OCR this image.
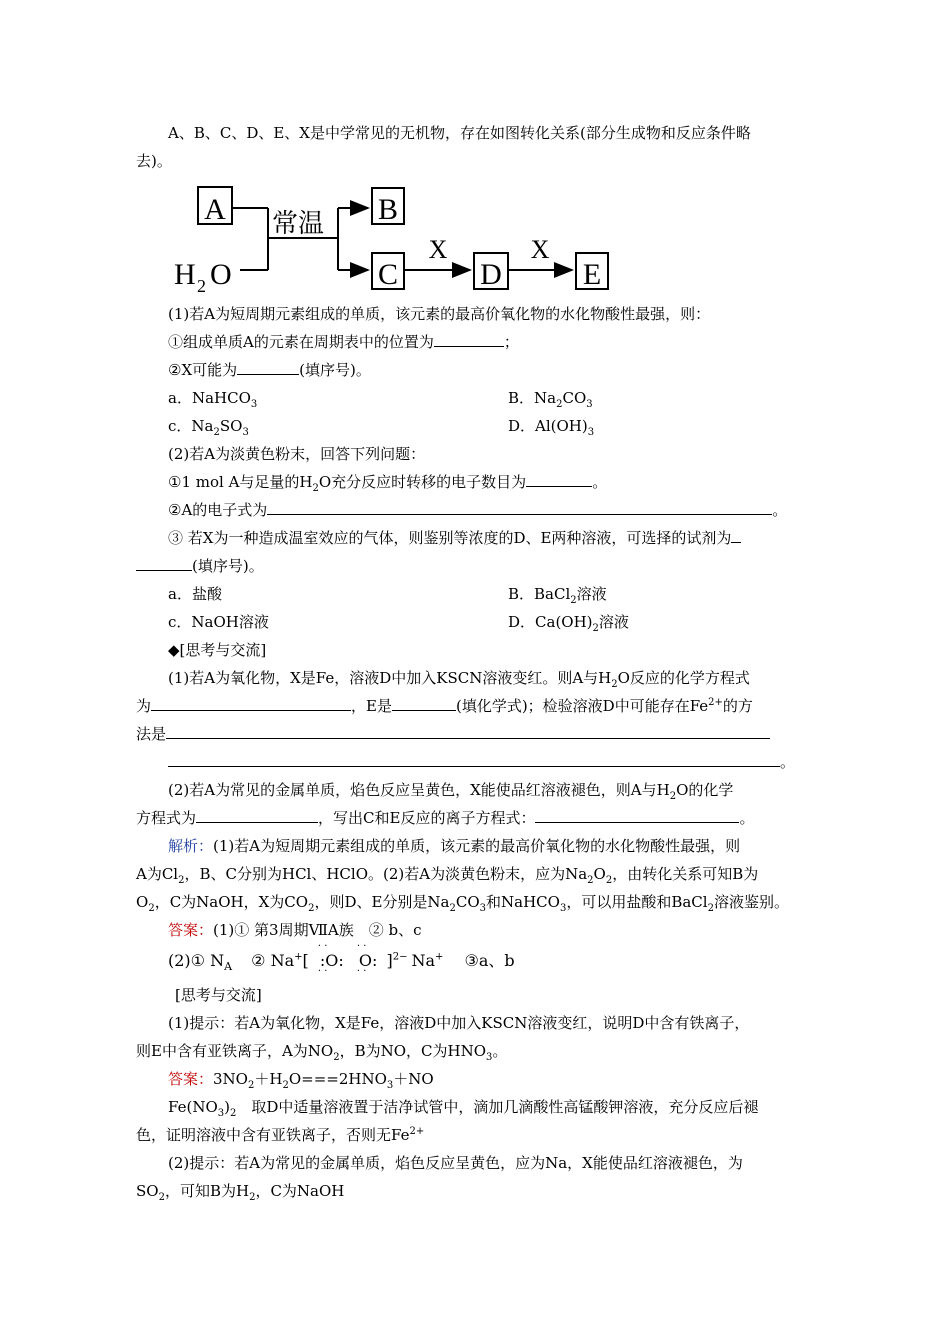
A、B、C、D、E、X是中学常见的无机物，存在如图转化关系(部分生成物和反应条件略
去)。
A
H 2 O
常温 B
C
X
D
X
E
(1)若A为短周期元素组成的单质，该元素的最高价氧化物的水化物酸性最强，则：
①组成单质A的元素在周期表中的位置为	；
②X可能为	(填序号)。
a．NaHCO$_3$	B．$Na_2CO_3$
c．$Na_2SO_3$	D．$Al(OH)_3$
(2)若A为淡黄色粉末，回答下列问题：
①1 mol A与足量的$H_2O$充分反应时转移的电子数目为	。
②A的电子式为	。
③ 若X为一种造成温室效应的气体，则鉴别等浓度的D、E两种溶液，可选择的试剂为
(填序号)。
a．盐酸	B．BaCl$_2$溶液
c．NaOH溶液	D．$Ca(OH)_2$溶液
◆[思考与交流]
(1)若A为氧化物，X是Fe，溶液D中加入KSCN溶液变红。则A与$H_2O$反应的化学方程式
为	，E是	(填化学式)；检验溶液D中可能存在$Fe^{2+}$的方
法是
。
(2)若A为常见的金属单质，焰色反应呈黄色，X能使品红溶液褪色，则A与$H_2O$的化学
方程式为	，写出C和E反应的离子方程式：	。
解析：(1)若A为短周期元素组成的单质，该元素的最高价氧化物的水化物酸性最强，则
A为$Cl_2$，B、C分别为HCl、HClO。(2)若A为淡黄色粉末，应为$Na_2O_2$，由转化关系可知B为
$O_2$，C为NaOH，X为$CO_2$，则D、E分别是$Na_2CO_3$和NaHCO$_3$，可以用盐酸和BaCl$_2$溶液鉴别。
答案：(1)① 第3周期ⅦA族　② b、c
(2)① $N_A$ ② Na+[
· ·
· ·
:O:
· ·
· ·
O: ]$^{2-}$ Na+ ③a、b
[思考与交流]
(1)提示：若A为氧化物，X是Fe，溶液D中加入KSCN溶液变红，说明D中含有铁离子，
则E中含有亚铁离子，A为$NO_2$，B为NO，C为$HNO_3$。
答案：$3NO_2+H_2O===2HNO_3+NO$
$Fe(NO_3)_2$　取D中适量溶液置于洁净试管中，滴加几滴酸性高锰酸钾溶液，充分反应后褪
色，证明溶液中含有亚铁离子，否则无$Fe^{2+}$
(2)提示：若A为常见的金属单质，焰色反应呈黄色，应为Na，X能使品红溶液褪色，为
$SO_2$，可知B为$H_2$，C为NaOH
